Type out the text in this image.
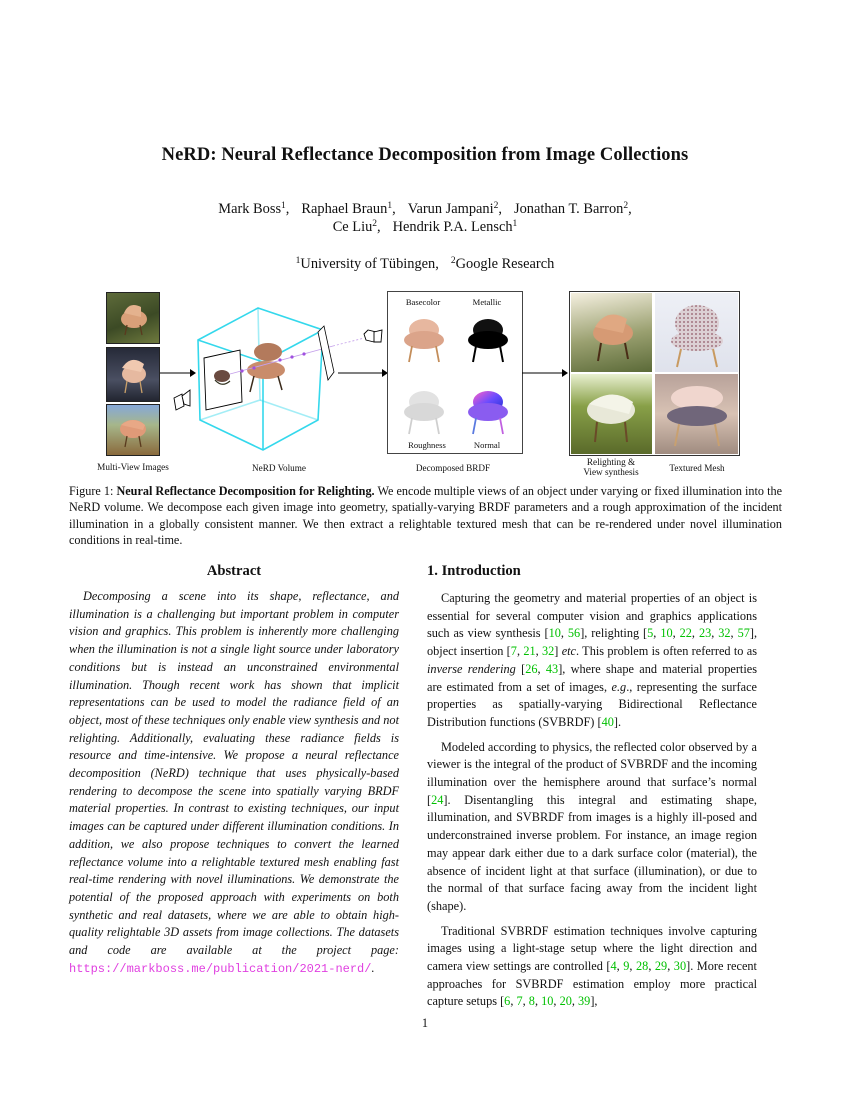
NeRD: Neural Reflectance Decomposition from Image Collections
Mark Boss$^1$, Raphael Braun$^1$, Varun Jampani$^2$, Jonathan T. Barron$^2$,
Ce Liu$^2$, Hendrik P.A. Lensch$^1$
$^1$University of Tübingen, $^2$Google Research
Multi-View Images	NeRD Volume
Basecolor	Metallic
Roughness	Normal
Decomposed BRDF
Relighting &
View synthesis	Textured Mesh
Figure 1: Neural Reflectance Decomposition for Relighting. We encode multiple views of an object under varying or fixed illumination into the NeRD volume. We decompose each given image into geometry, spatially-varying BRDF parameters and a rough approximation of the incident illumination in a globally consistent manner. We then extract a relightable textured mesh that can be re-rendered under novel illumination conditions in real-time.
Abstract

Decomposing a scene into its shape, reflectance, and illumination is a challenging but important problem in computer vision and graphics. This problem is inherently more challenging when the illumination is not a single light source under laboratory conditions but is instead an unconstrained environmental illumination. Though recent work has shown that implicit representations can be used to model the radiance field of an object, most of these techniques only enable view synthesis and not relighting. Additionally, evaluating these radiance fields is resource and time-intensive. We propose a neural reflectance decomposition (NeRD) technique that uses physically-based rendering to decompose the scene into spatially varying BRDF material properties. In contrast to existing techniques, our input images can be captured under different illumination conditions. In addition, we also propose techniques to convert the learned reflectance volume into a relightable textured mesh enabling fast real-time rendering with novel illuminations. We demonstrate the potential of the proposed approach with experiments on both synthetic and real datasets, where we are able to obtain high-quality relightable 3D assets from image collections. The datasets and code are available at the project page: https://markboss.me/publication/2021-nerd/.

1. Introduction

Capturing the geometry and material properties of an object is essential for several computer vision and graphics applications such as view synthesis [10, 56], relighting [5, 10, 22, 23, 32, 57], object insertion [7, 21, 32] etc. This problem is often referred to as inverse rendering [26, 43], where shape and material properties are estimated from a set of images, e.g., representing the surface properties as spatially-varying Bidirectional Reflectance Distribution functions (SVBRDF) [40].

Modeled according to physics, the reflected color observed by a viewer is the integral of the product of SVBRDF and the incoming illumination over the hemisphere around that surface’s normal [24]. Disentangling this integral and estimating shape, illumination, and SVBRDF from images is a highly ill-posed and underconstrained inverse problem. For instance, an image region may appear dark either due to a dark surface color (material), the absence of incident light at that surface (illumination), or due to the normal of that surface facing away from the incident light (shape).

Traditional SVBRDF estimation techniques involve capturing images using a light-stage setup where the light direction and camera view settings are controlled [4, 9, 28, 29, 30]. More recent approaches for SVBRDF estimation employ more practical capture setups [6, 7, 8, 10, 20, 39],

1
